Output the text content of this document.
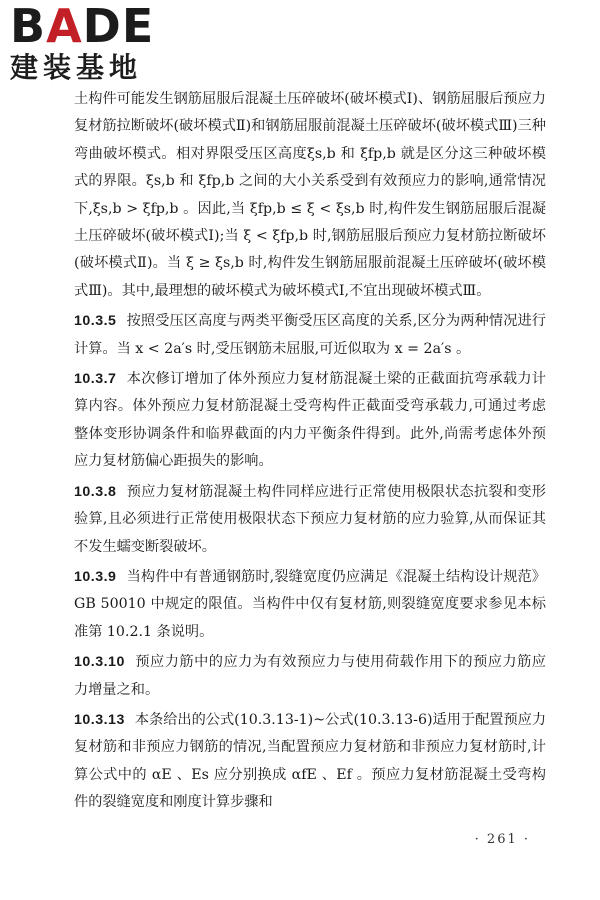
BADE
建装基地

土构件可能发生钢筋屈服后混凝土压碎破坏(破坏模式Ⅰ)、钢筋屈服后预应力复材筋拉断破坏(破坏模式Ⅱ)和钢筋屈服前混凝土压碎破坏(破坏模式Ⅲ)三种弯曲破坏模式。相对界限受压区高度ξs,b 和 ξfp,b 就是区分这三种破坏模式的界限。ξs,b 和 ξfp,b 之间的大小关系受到有效预应力的影响,通常情况下,ξs,b > ξfp,b 。因此,当 ξfp,b ≤ ξ < ξs,b 时,构件发生钢筋屈服后混凝土压碎破坏(破坏模式Ⅰ);当 ξ < ξfp,b 时,钢筋屈服后预应力复材筋拉断破坏(破坏模式Ⅱ)。当 ξ ≥ ξs,b 时,构件发生钢筋屈服前混凝土压碎破坏(破坏模式Ⅲ)。其中,最理想的破坏模式为破坏模式Ⅰ,不宜出现破坏模式Ⅲ。

10.3.5 按照受压区高度与两类平衡受压区高度的关系,区分为两种情况进行计算。当 x < 2a′s 时,受压钢筋未屈服,可近似取为 x = 2a′s 。

10.3.7 本次修订增加了体外预应力复材筋混凝土梁的正截面抗弯承载力计算内容。体外预应力复材筋混凝土受弯构件正截面受弯承载力,可通过考虑整体变形协调条件和临界截面的内力平衡条件得到。此外,尚需考虑体外预应力复材筋偏心距损失的影响。

10.3.8 预应力复材筋混凝土构件同样应进行正常使用极限状态抗裂和变形验算,且必须进行正常使用极限状态下预应力复材筋的应力验算,从而保证其不发生蠕变断裂破坏。

10.3.9 当构件中有普通钢筋时,裂缝宽度仍应满足《混凝土结构设计规范》GB 50010 中规定的限值。当构件中仅有复材筋,则裂缝宽度要求参见本标准第 10.2.1 条说明。

10.3.10 预应力筋中的应力为有效预应力与使用荷载作用下的预应力筋应力增量之和。

10.3.13 本条给出的公式(10.3.13-1)~公式(10.3.13-6)适用于配置预应力复材筋和非预应力钢筋的情况,当配置预应力复材筋和非预应力复材筋时,计算公式中的 αE 、Es 应分别换成 αfE 、Ef 。预应力复材筋混凝土受弯构件的裂缝宽度和刚度计算步骤和

· 261 ·
